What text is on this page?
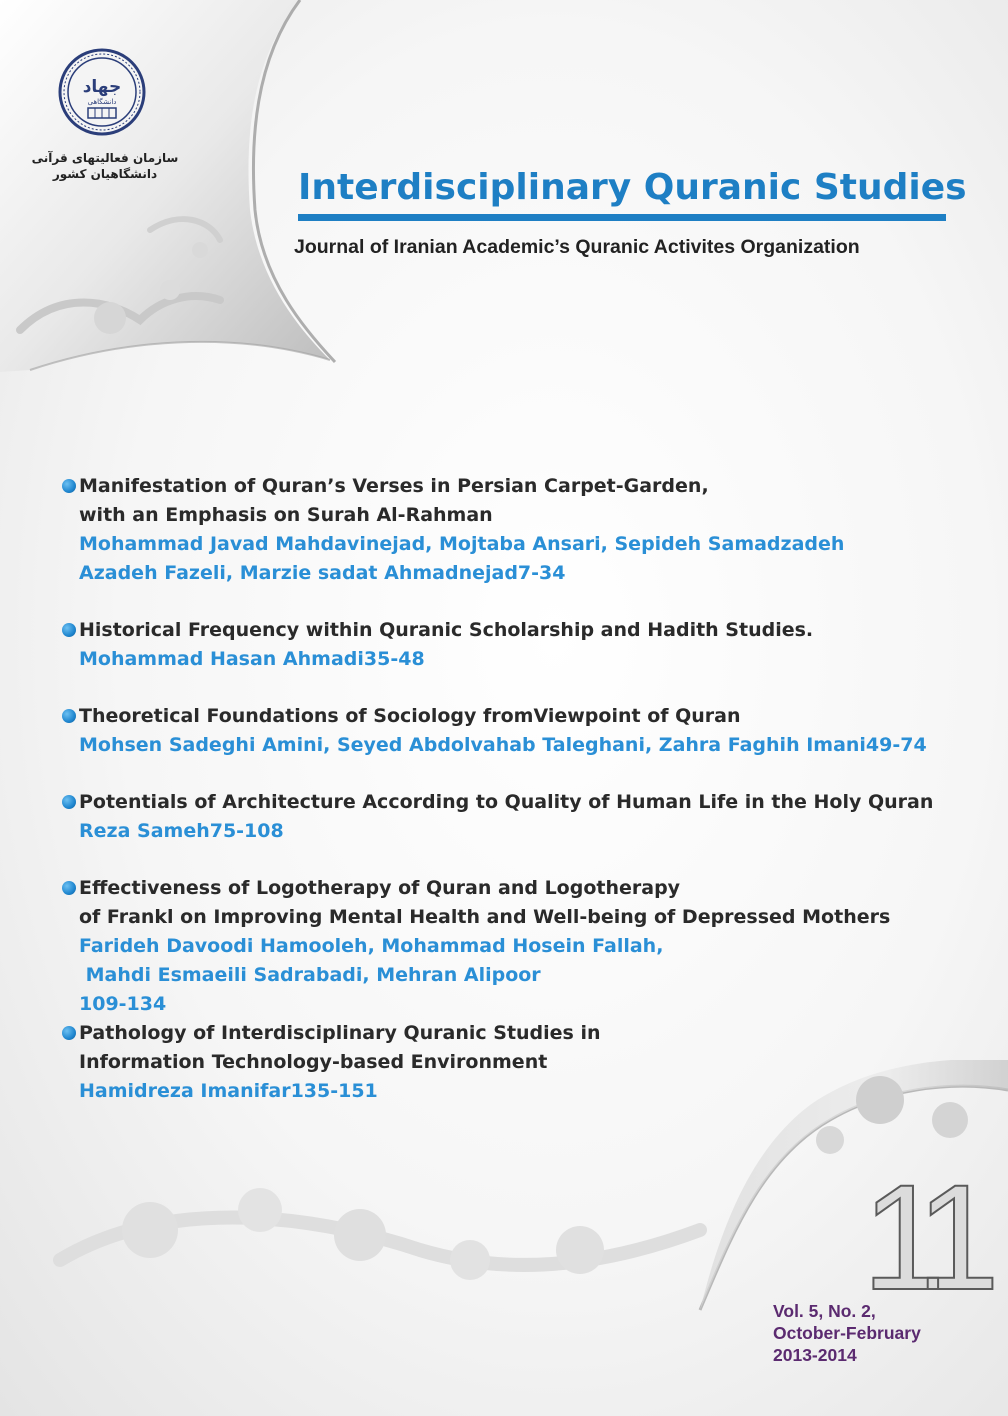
جهاد
دانشگاهی
سازمان فعالیتهای قرآنی
دانشگاهیان کشور	Interdisciplinary Quranic Studies
Journal of Iranian Academic’s Quranic Activites Organization
Manifestation of Quran’s Verses in Persian Carpet-Garden,
with an Emphasis on Surah Al-Rahman
Mohammad Javad Mahdavinejad, Mojtaba Ansari, Sepideh Samadzadeh
Azadeh Fazeli, Marzie sadat Ahmadnejad7-34
Historical Frequency within Quranic Scholarship and Hadith Studies.
Mohammad Hasan Ahmadi35-48
Theoretical Foundations of Sociology fromViewpoint of Quran
Mohsen Sadeghi Amini, Seyed Abdolvahab Taleghani, Zahra Faghih Imani49-74
Potentials of Architecture According to Quality of Human Life in the Holy Quran
Reza Sameh75-108
Effectiveness of Logotherapy of Quran and Logotherapy
of Frankl on Improving Mental Health and Well-being of Depressed Mothers
Farideh Davoodi Hamooleh, Mohammad Hosein Fallah,
Mahdi Esmaeili Sadrabadi, Mehran Alipoor
109-134
Pathology of Interdisciplinary Quranic Studies in
Information Technology-based Environment
Hamidreza Imanifar135-151
11
Vol. 5, No. 2,
October-February
2013-2014
